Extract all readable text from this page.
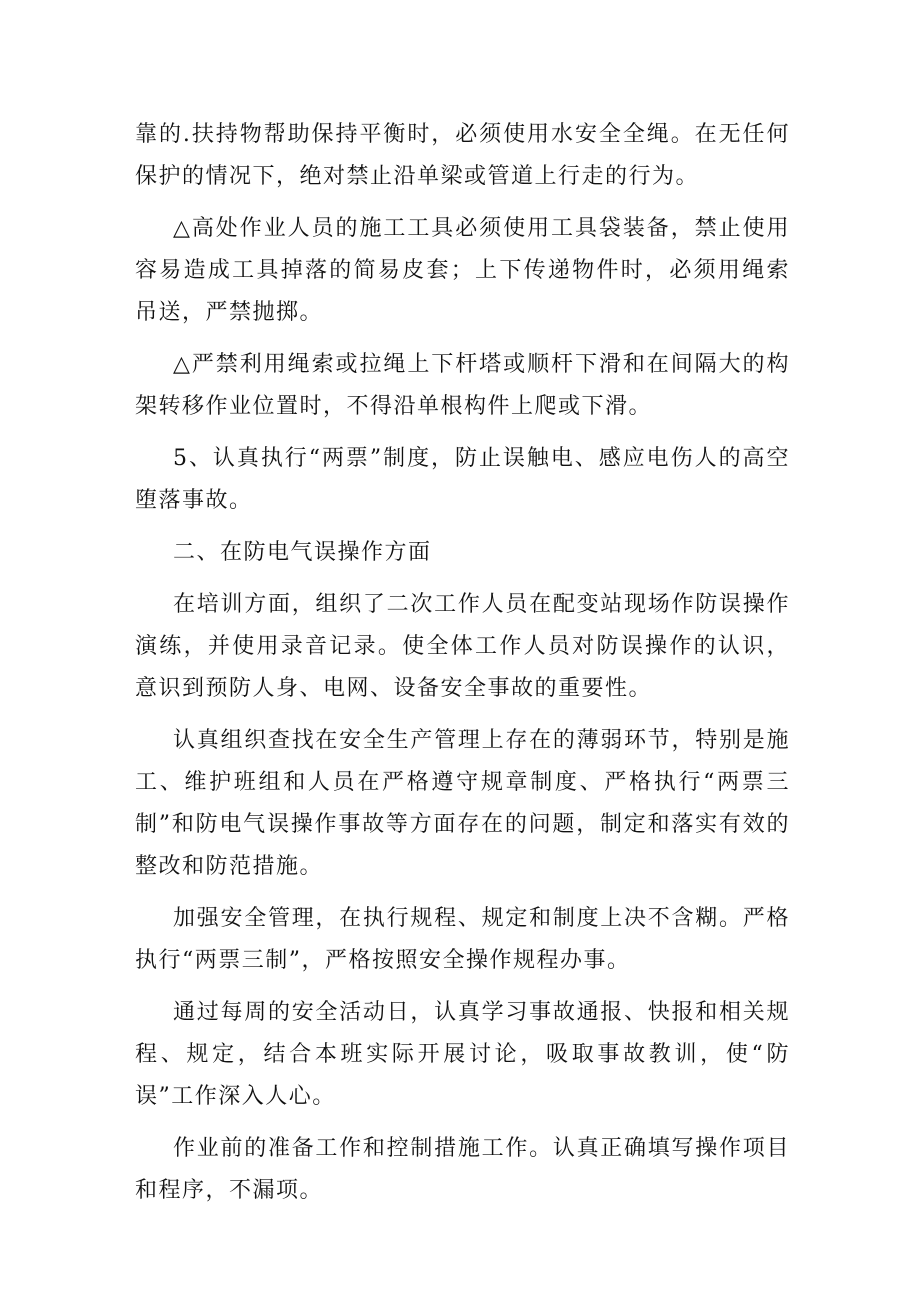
靠的.扶持物帮助保持平衡时，必须使用水安全全绳。在无任何保护的情况下，绝对禁止沿单梁或管道上行走的行为。

△高处作业人员的施工工具必须使用工具袋装备，禁止使用容易造成工具掉落的简易皮套；上下传递物件时，必须用绳索吊送，严禁抛掷。

△严禁利用绳索或拉绳上下杆塔或顺杆下滑和在间隔大的构架转移作业位置时，不得沿单根构件上爬或下滑。

5、认真执行“两票”制度，防止误触电、感应电伤人的高空堕落事故。

二、在防电气误操作方面

在培训方面，组织了二次工作人员在配变站现场作防误操作演练，并使用录音记录。使全体工作人员对防误操作的认识，意识到预防人身、电网、设备安全事故的重要性。

认真组织查找在安全生产管理上存在的薄弱环节，特别是施工、维护班组和人员在严格遵守规章制度、严格执行“两票三制”和防电气误操作事故等方面存在的问题，制定和落实有效的整改和防范措施。

加强安全管理，在执行规程、规定和制度上决不含糊。严格执行“两票三制”，严格按照安全操作规程办事。

通过每周的安全活动日，认真学习事故通报、快报和相关规程、规定，结合本班实际开展讨论，吸取事故教训，使“防误”工作深入人心。

作业前的准备工作和控制措施工作。认真正确填写操作项目和程序，不漏项。
